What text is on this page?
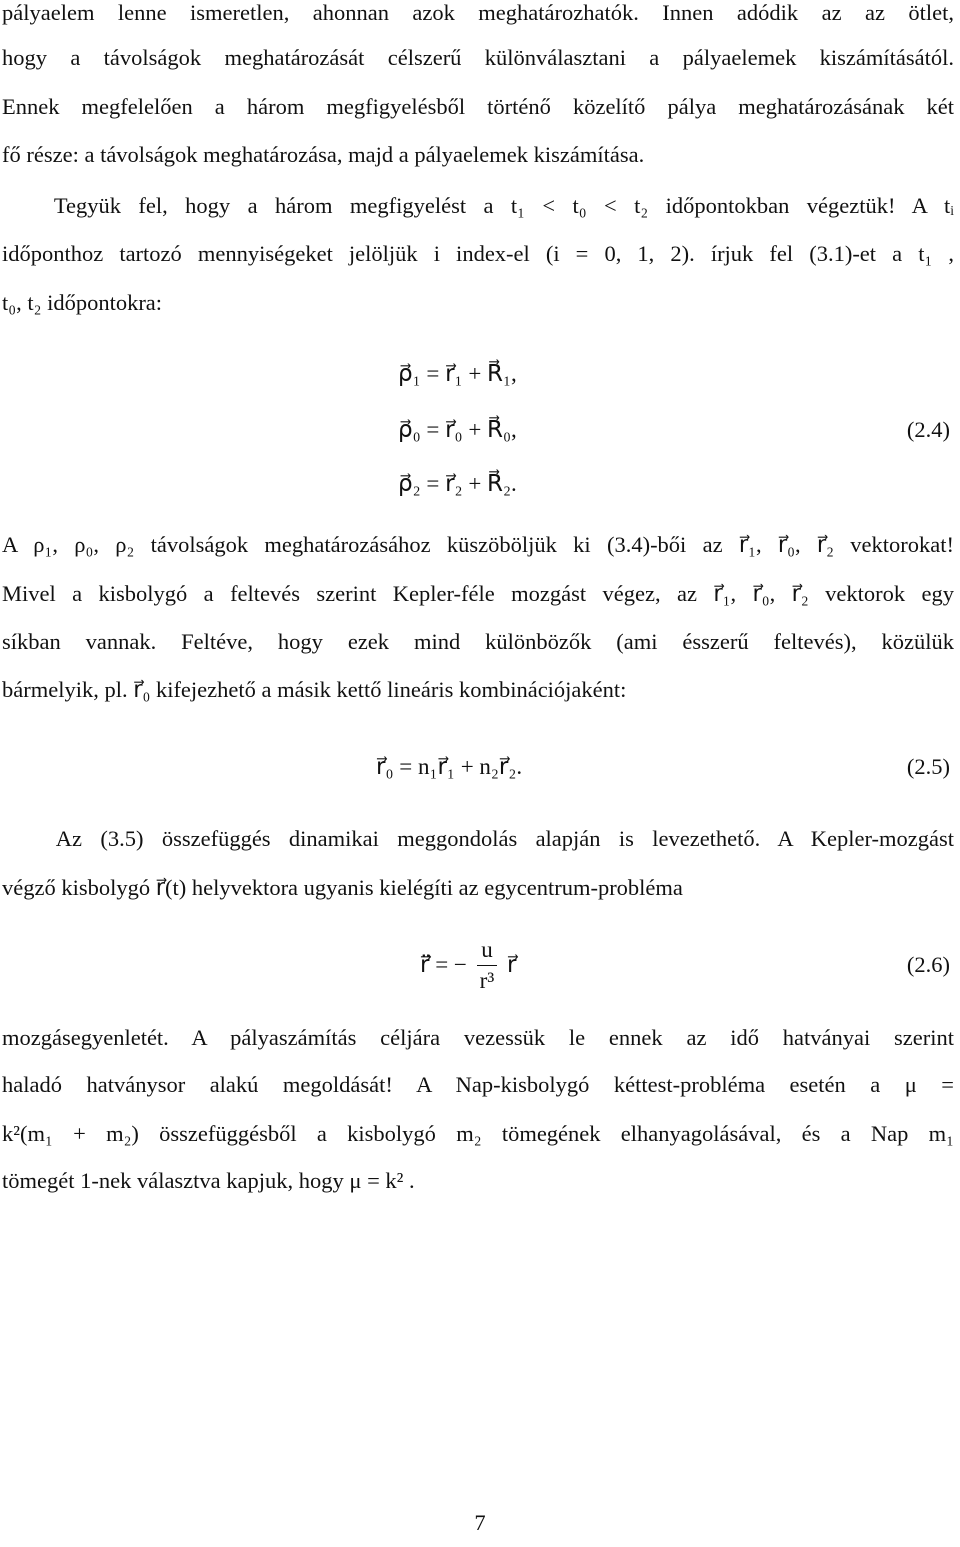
pályaelem lenne ismeretlen, ahonnan azok meghatározhatók. Innen adódik az az ötlet,
hogy a távolságok meghatározását célszerű különválasztani a pályaelemek kiszámításától.
Ennek megfelelően a három megfigyelésből történő közelítő pálya meghatározásának két
fő része: a távolságok meghatározása, majd a pályaelemek kiszámítása.
Tegyük fel, hogy a három megfigyelést a t₁ < t₀ < t₂ időpontokban végeztük! A tᵢ
időponthoz tartozó mennyiségeket jelöljük i index-el (i = 0, 1, 2). írjuk fel (3.1)-et a t₁ ,
t₀, t₂ időpontokra:
ρ⃗₁ = r⃗₁ + R⃗₁,
ρ⃗₀ = r⃗₀ + R⃗₀,
ρ⃗₂ = r⃗₂ + R⃗₂.
(2.4)
A ρ₁, ρ₀, ρ₂ távolságok meghatározásához küszöböljük ki (3.4)-bői az r⃗₁, r⃗₀, r⃗₂ vektorokat!
Mivel a kisbolygó a feltevés szerint Kepler-féle mozgást végez, az r⃗₁, r⃗₀, r⃗₂ vektorok egy
síkban vannak. Feltéve, hogy ezek mind különbözők (ami ésszerű feltevés), közülük
bármelyik, pl. r⃗₀ kifejezhető a másik kettő lineáris kombinációjaként:
r⃗₀ = n₁r⃗₁ + n₂r⃗₂.	(2.5)
Az (3.5) összefüggés dinamikai meggondolás alapján is levezethető. A Kepler-mozgást
végző kisbolygó r⃗(t) helyvektora ugyanis kielégíti az egycentrum-probléma
r⃗̈ = − $\frac{u}{\text{r³}}$ r⃗	(2.6)
mozgásegyenletét. A pályaszámítás céljára vezessük le ennek az idő hatványai szerint
haladó hatványsor alakú megoldását! A Nap-kisbolygó kéttest-probléma esetén a μ =
k²(m₁ + m₂) összefüggésből a kisbolygó m₂ tömegének elhanyagolásával, és a Nap m₁
tömegét 1-nek választva kapjuk, hogy μ = k² .
7
